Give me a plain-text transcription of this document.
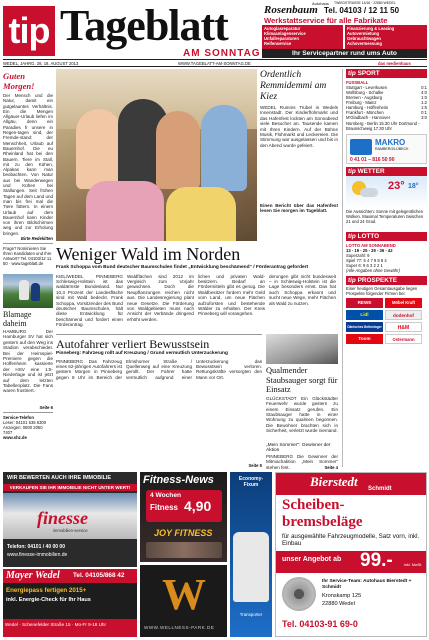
tip Tageblatt
AM SONNTAG
Autohaus TWIEDSTRASSE 14/16 · 22880 WEDEL
Rosenbaum Tel. 04103 / 12 11 50
Werkstattservice für alle Fabrikate
Autoglasreparatur
Klimaanlagenservice
Unfallreparaturen
Reifenservice
Finanzierung & Leasing
Autovermietung
Gebrauchtwagen
Achsvermessung
Ihr Servicepartner rund ums Auto
WEDEL, JAHRG. 28, 18. AUGUST 2013	WWW.TAGEBLATT-AM-SONNTAG.DE	das medienhaus
Guten Morgen!
Der Mensch und die Natur, damit ein gutgelauntes Verhältnis. Ein die Mengen Allgäuer-Urlaub liefen im Allgäu, denn ein Paradies fr unsere in Regen-tagen sind, der Fremde-stand: der Menschheit, Urlaub auf Bauernhof. Die eu Rheinland hat bei den Bauern. Tiere im Stall, mit zu den Kühen, Alpakas kann man beobachten. Von Natur aus bei Wanderwegen und Kühen bei Stallungen. Seit frühen Tagen auf dem Land und man bis frei mal die Tiere füttern. In einem Urlaub auf dem Bauernhof kann Kinder von ihren Bildschirmen weg und zur Erholung bringen.
Birte Redekitten
Frage? Nominieren Sie Ihren Kandidaten und Ihre Antwort? Tel. 04103/12 11 50 · www.tageblatt.de
Blamage daheim
HAMBURG Der Hamburger SV hat sich gestern auf den Weg ins Stadion verabschiedet. Bei der Heimspiel-Premiere gegen die Hoffenheim kassierte der HSV eine 1:5-Niederlage und ist jetzt auf dem letzten Tabellenplatz. Die Fans waren frustriert.
Seite 6
Service-Telefon
Leser: 04101 535 6300
Anzeigen: 0800 2050 7407
www.shz.de
Ordentlich Remmidemmi am Kiez
WEDEL Rumms Trubel in Wedels Innenstadt. Der Kinderflohmarkt und das Hafenfest lockten am Sonnabend viele Besucher an. Tausende kamen mit Ihren Kindern. Auf der Bühne Musik, Flohmarkt und Leckereien. Die Stimmung war ausgelassen und bis in den Abend wurde gefeiert.
Einen Bericht über das Hafenfest lesen Sie morgen im Tageblatt.
tip SPORT
FUSSBALL
Stuttgart - Leverkusen	0:1
Wolfsburg - Schalke	4:0
Bremen - Augsburg	1:0
Freiburg - Mainz	1:2
Hamburg - Hoffenheim	1:5
Frankfurt - München	0:1
M'Gladbach - Hannover	3:0
Nürnberg - Berlin 15.30 Uhr Dortmund - Braunschweig 17.30 Uhr
MAKRO
RAMBERG/LÜBECK
0 41 01 – 816 50 90
tip WETTER
23° 18°
Die Aussichten: Sonne mit gelegentlichen Wolken. Maximal Temperaturen zwischen 21 und 24 Grad.
tip LOTTO
LOTTO AM SONNABEND
13 - 19 - 25 - 29 - 36 - 42
Superzahl: 9
Spiel 77: 5 4 7 9 8 8 4
Super 6: 9 6 3 2 2 1
(Alle Angaben ohne Gewähr)
tip PROSPEKTE
Einer heutigen Gesamtausgabe liegen Prospekte folgender Firmen bei:
REWE	Möbel Kraft
Lidl	dodenhof
Dänisches Bettenlager	H&M
Toom	Ostermann
Weniger Wald im Norden
Frank Schoppa vom Bund deutscher Baumschulen findet „Entwicklung beschämend“ / Förderantrag gefordert
KIEL/WEDEL PINNEBERG Schleswig-Holstein ist das waldärmste Bundesland. Nur 10,3 Prozent der Landesfläche sind mit Wald bedeckt. Frank Schoppa, Vorsitzender des Bund deutscher Baumschulen, hält diese Entwicklung für beschämend und fordert einen Förderantrag.
Waldflächen sind 2012 im Vergleich zum Vorjahr gewachsen. Doch die Neupflanzungen reichen nicht aus. Die Landesregierung plant neue Gesetze. Die Förderung von Waldgebieten muss nach Ansicht der Verbände dringend erhöht werden.
lichen und privaten Wald-besitzern. Bedarf an Fördermitteln gibt es genug. Die Waldbesitzer fordern mehr Geld vom Land, um neue Flächen aufzuforsten und bestehende Wälder zu erhalten. Der Kreis Pinneberg will vorangehen.
derungen gibt nicht bundesweit – in Schleswig-Holstein ist die Lage besonders ernst. Das hat auch Schoppa erkannt und sucht neue Wege, mehr Flächen als Wald zu nutzen.
Autofahrer verliert Bewusstsein
Pinneberg: Fahrzeug rollt auf Kreuzung / Grund vermutlich Unterzuckerung
PINNEBERG Das Fahrzeug eines 62-jährigen Autofahrers ist gestern Morgen in Pinneberg gegen 8 Uhr im Bereich der Elmshorner Straße / Quellenweg auf eine Kreuzung gerollt. Der Fahrer hatte vermutlich aufgrund einer Unterzuckerung das Bewusstsein verloren. Rettungskräfte versorgten den Mann vor Ort.
Seite 5
Qualmender Staubsauger sorgt für Einsatz
GLÜCKSTADT Ein Glückstädter Feuerwehr wurde gestern zu einem Einsatz gerufen. Ein Staubsauger hatte in einer Wohnung zu qualmen begonnen. Die Bewohner brachten sich in Sicherheit, verletzt wurde niemand.
„Mein Sommer“: Gewinner der Aktion
PINNEBERG Die Gewinner der Mitmachaktion „Mein Sommer“ stehen fest.	Seite 4
WIR BEWERTEN AUCH IHRE IMMOBILIE
VERKAUFEN SIE IHR IMMOBILIE NICHT UNTER WERT!
finesse
immobilien-service
Telefon: 04101 / 40 00 00
www.finesse-immobilien.de
Mayer Wedel Tel. 04105/868 42
Energiepass fertigen 2015+
inkl. Energie-Check für Ihr Haus
Wedel · Schenefelder Straße 15 · Mo-Fr 9-18 Uhr
Fitness-News
4 Wochen
Fitness 4,90
JOY FITNESS
W
WWW.WELLNESS-PARK.DE
Economy-Fixum
Transporter
Bierstedt Schmidt
Scheiben-bremsbeläge
für ausgewählte Fahrzeugmodelle, Satz vorn, inkl. Einbau
unser Angebot ab 99.-	inkl. MwSt.
Ihr Service-Team: Autohaus Bierstedt + Schmidt
Kronskamp 125
22880 Wedel
Tel. 04103-91 69-0
